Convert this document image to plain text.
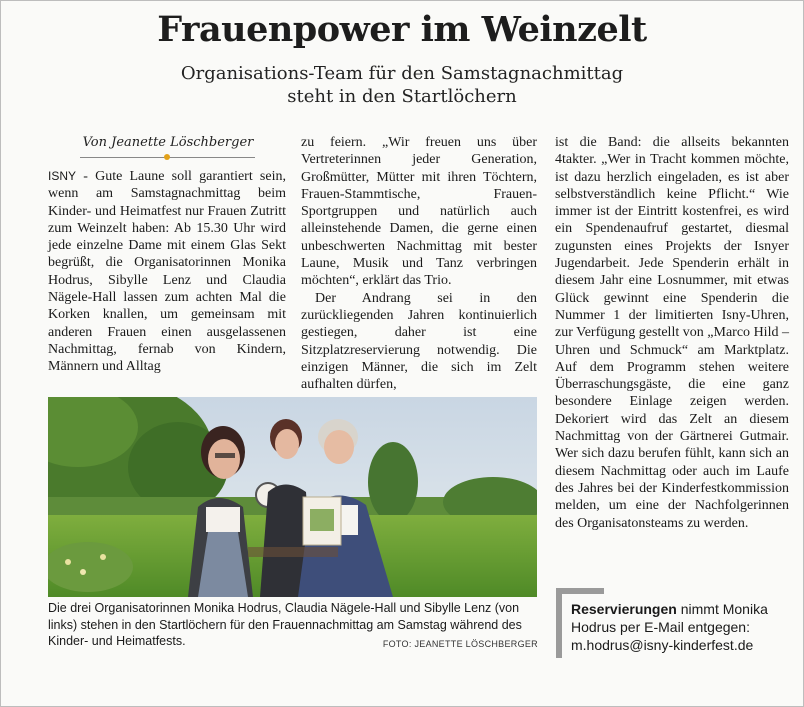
Frauenpower im Weinzelt
Organisations-Team für den Samstagnachmittag
steht in den Startlöchern
Von Jeanette Löschberger

ISNY - Gute Laune soll garantiert sein, wenn am Samstagnachmittag beim Kinder- und Heimatfest nur Frauen Zutritt zum Weinzelt haben: Ab 15.30 Uhr wird jede einzelne Dame mit einem Glas Sekt begrüßt, die Organisatorinnen Monika Hodrus, Sibylle Lenz und Claudia Nägele-Hall lassen zum achten Mal die Korken knallen, um gemeinsam mit anderen Frauen einen ausgelassenen Nachmittag, fernab von Kindern, Männern und Alltag

zu feiern. „Wir freuen uns über Vertreterinnen jeder Generation, Großmütter, Mütter mit ihren Töchtern, Frauen-Stammtische, Frauen-Sportgruppen und natürlich auch alleinstehende Damen, die gerne einen unbeschwerten Nachmittag mit bester Laune, Musik und Tanz verbringen möchten“, erklärt das Trio.

Der Andrang sei in den zurückliegenden Jahren kontinuierlich gestiegen, daher ist eine Sitzplatzreservierung notwendig. Die einzigen Männer, die sich im Zelt aufhalten dürfen,

ist die Band: die allseits bekannten 4takter. „Wer in Tracht kommen möchte, ist dazu herzlich eingeladen, es ist aber selbstverständlich keine Pflicht.“ Wie immer ist der Eintritt kostenfrei, es wird ein Spendenaufruf gestartet, diesmal zugunsten eines Projekts der Isnyer Jugendarbeit. Jede Spenderin erhält in diesem Jahr eine Losnummer, mit etwas Glück gewinnt eine Spenderin die Nummer 1 der limitierten Isny-Uhren, zur Verfügung gestellt von „Marco Hild – Uhren und Schmuck“ am Marktplatz. Auf dem Programm stehen weitere Überraschungsgäste, die eine ganz besondere Einlage zeigen werden. Dekoriert wird das Zelt an diesem Nachmittag von der Gärtnerei Gutmair. Wer sich dazu berufen fühlt, kann sich an diesem Nachmittag oder auch im Laufe des Jahres bei der Kinderfestkommission melden, um eine der Nachfolgerinnen des Organisatonsteams zu werden.

Die drei Organisatorinnen Monika Hodrus, Claudia Nägele-Hall und Sibylle Lenz (von links) stehen in den Startlöchern für den Frauennachmittag am Samstag während des Kinder- und Heimatfests.	FOTO: JEANETTE LÖSCHBERGER
Reservierungen nimmt Monika Hodrus per E-Mail entgegen: m.hodrus@isny-kinderfest.de
